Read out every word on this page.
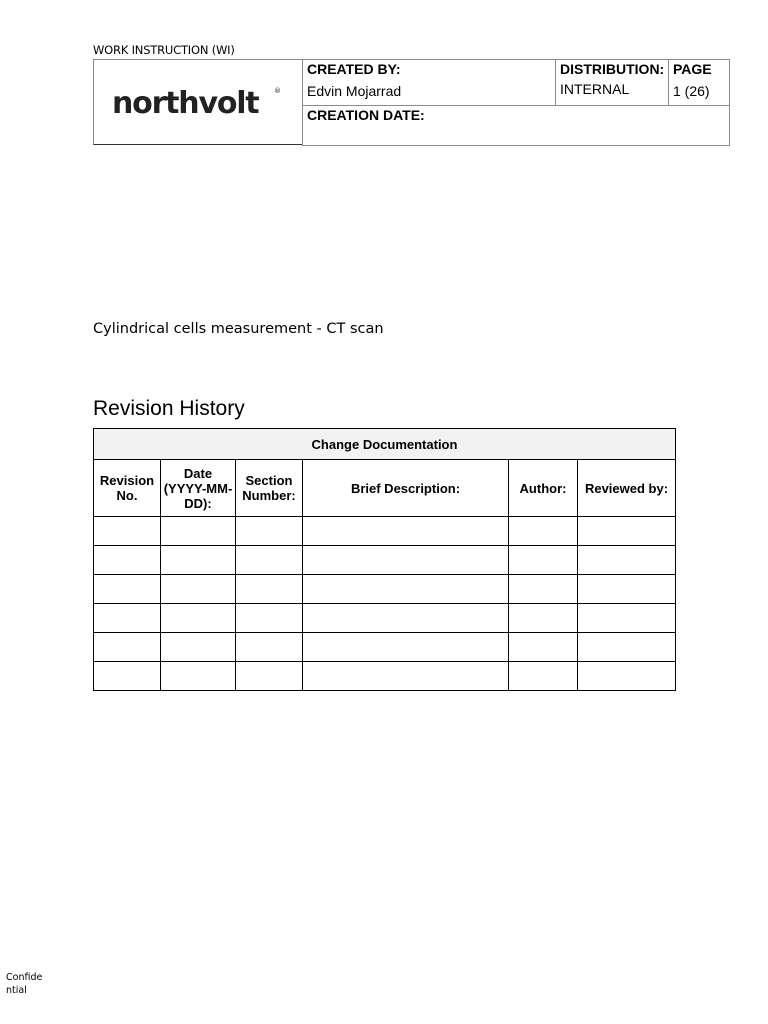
WORK INSTRUCTION (WI)
northvolt ®
CREATED BY:
Edvin Mojarrad

DISTRIBUTION:
INTERNAL

PAGE
1 (26)

CREATION DATE:
Cylindrical cells measurement - CT scan
Revision History
Change Documentation					
Revision No.	Date (YYYY-MM-DD):	Section Number:	Brief Description:	Author:	Reviewed by:

Confidential
